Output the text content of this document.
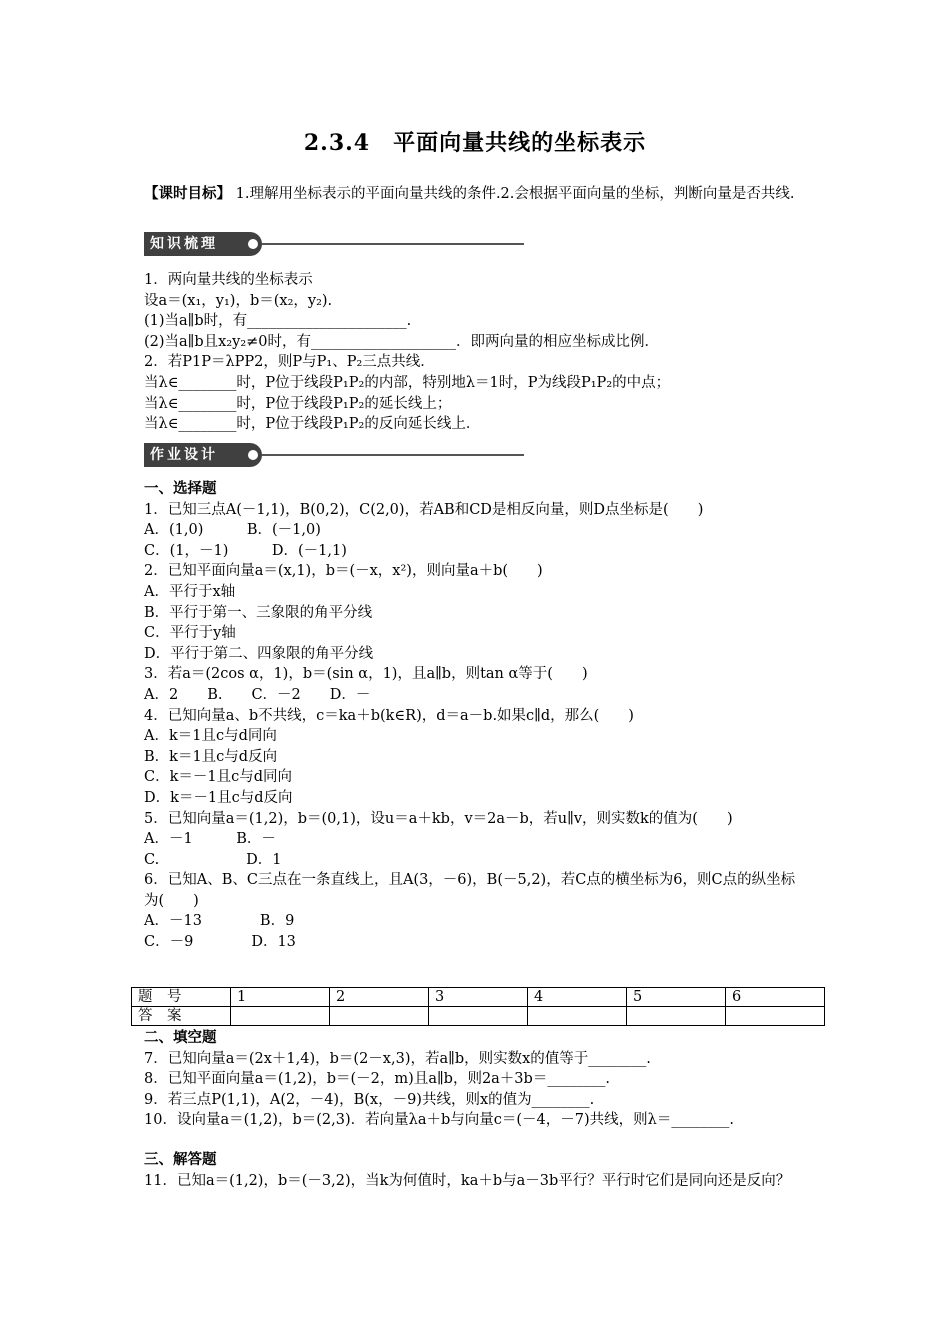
2.3.4　平面向量共线的坐标表示
【课时目标】 1.理解用坐标表示的平面向量共线的条件.2.会根据平面向量的坐标，判断向量是否共线.
知识梳理
1．两向量共线的坐标表示
设a＝(x₁，y₁)，b＝(x₂，y₂).
(1)当a∥b时，有______________________.
(2)当a∥b且x₂y₂≠0时，有____________________．即两向量的相应坐标成比例．
2．若P1P＝λPP2，则P与P₁、P₂三点共线．
当λ∈________时，P位于线段P₁P₂的内部，特别地λ＝1时，P为线段P₁P₂的中点；
当λ∈________时，P位于线段P₁P₂的延长线上；
当λ∈________时，P位于线段P₁P₂的反向延长线上．
作业设计
一、选择题
1．已知三点A(－1,1)，B(0,2)，C(2,0)，若AB和CD是相反向量，则D点坐标是(　　)
A．(1,0)　　　B．(－1,0)
C．(1，－1)　　　D．(－1,1)
2．已知平面向量a＝(x,1)，b＝(－x，x²)，则向量a＋b(　　)
A．平行于x轴
B．平行于第一、三象限的角平分线
C．平行于y轴
D．平行于第二、四象限的角平分线
3．若a＝(2cos α，1)，b＝(sin α，1)，且a∥b，则tan α等于(　　)
A．2　　B.　　C．－2　　D．－
4．已知向量a、b不共线，c＝ka＋b(k∈R)，d＝a－b.如果c∥d，那么(　　)
A．k＝1且c与d同向
B．k＝1且c与d反向
C．k＝－1且c与d同向
D．k＝－1且c与d反向
5．已知向量a＝(1,2)，b＝(0,1)，设u＝a＋kb，v＝2a－b，若u∥v，则实数k的值为(　　)
A．－1　　　B．－
C.　　　　　　D．1
6．已知A、B、C三点在一条直线上，且A(3，－6)，B(－5,2)，若C点的横坐标为6，则C点的纵坐标为(　　)
A．－13　　　　B．9
C．－9　　　　D．13
题　号	1	2	3	4	5	6
答　案						
二、填空题
7．已知向量a＝(2x＋1,4)，b＝(2－x,3)，若a∥b，则实数x的值等于________.
8．已知平面向量a＝(1,2)，b＝(－2，m)且a∥b，则2a＋3b＝________.
9．若三点P(1,1)，A(2，－4)，B(x，－9)共线，则x的值为________.
10．设向量a＝(1,2)，b＝(2,3)．若向量λa＋b与向量c＝(－4，－7)共线，则λ＝________.
三、解答题
11．已知a＝(1,2)，b＝(－3,2)，当k为何值时，ka＋b与a－3b平行？平行时它们是同向还是反向？
